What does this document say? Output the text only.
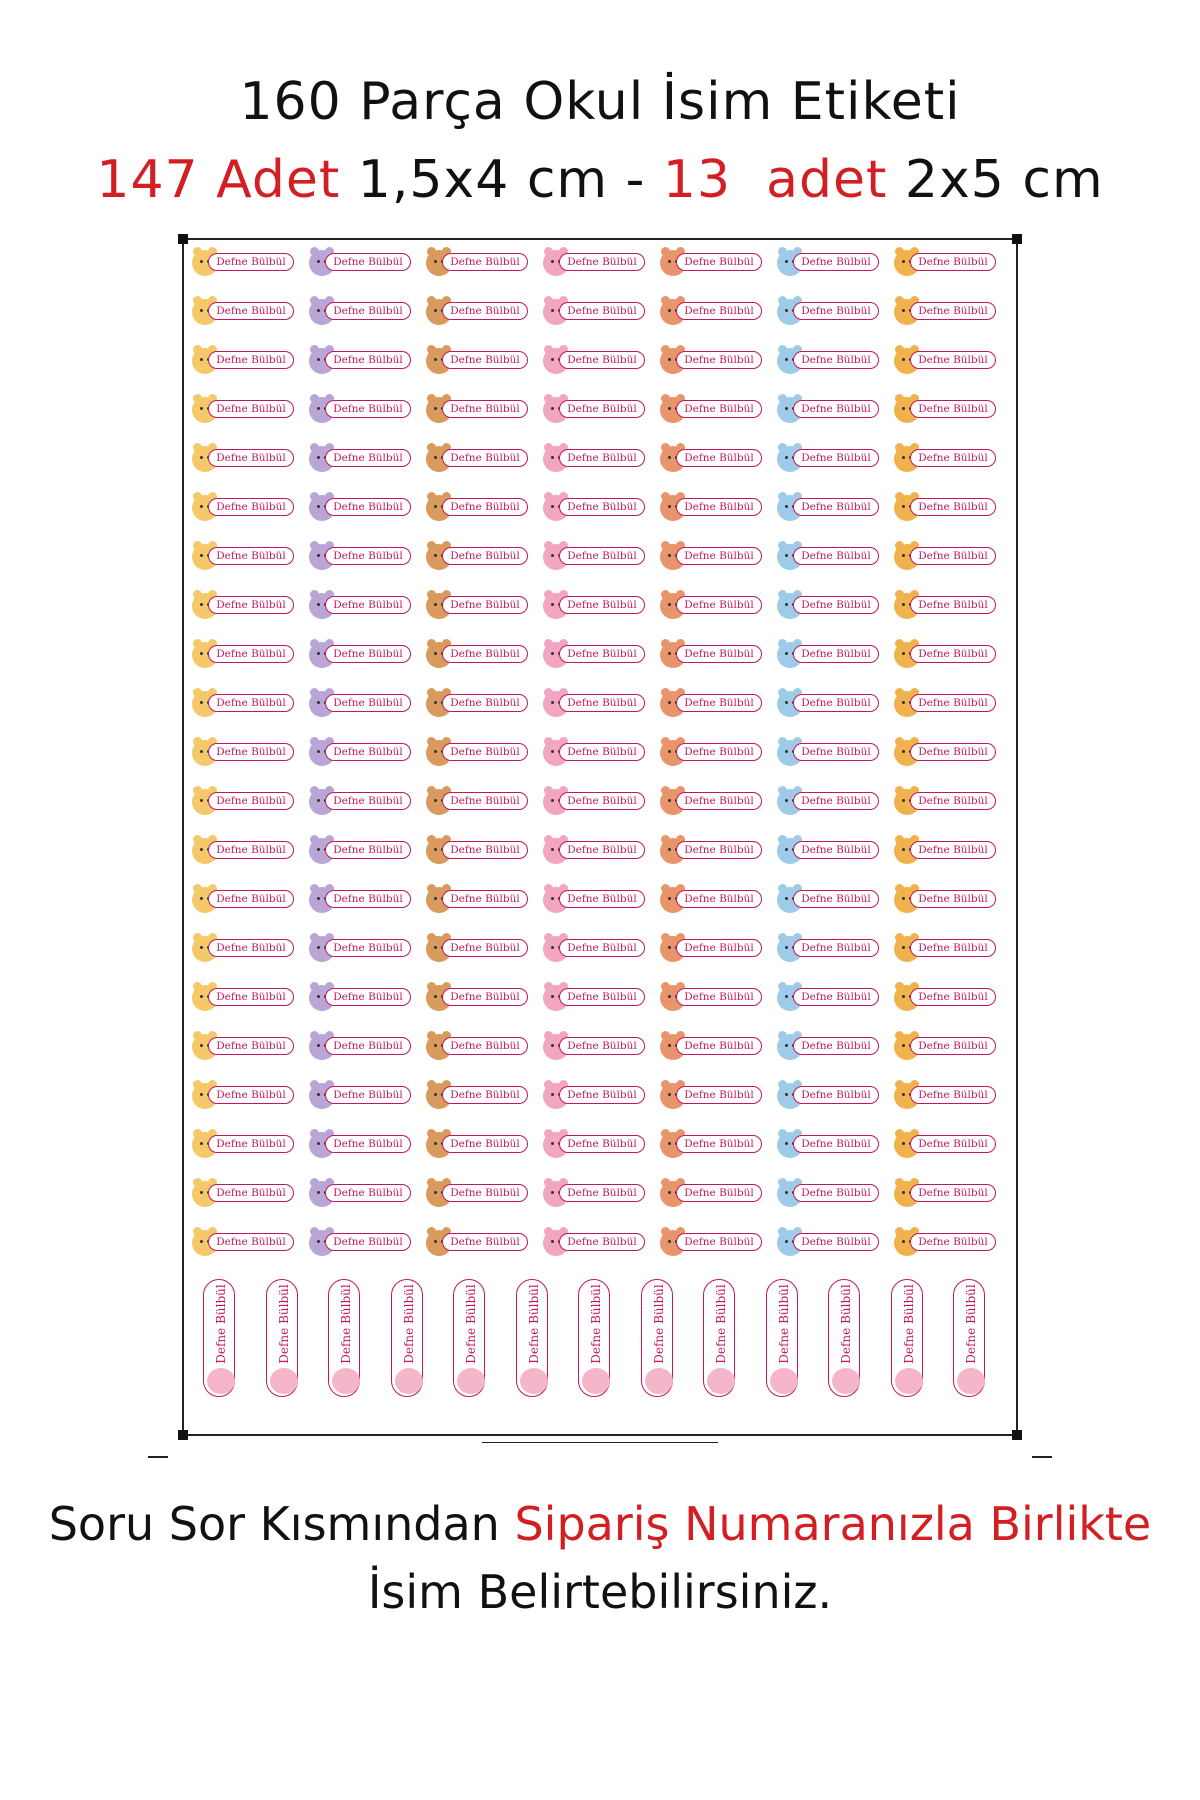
160 Parça Okul İsim Etiketi
147 Adet 1,5x4 cm - 13 adet 2x5 cm
Defne Bülbül	Defne Bülbül	Defne Bülbül	Defne Bülbül	Defne Bülbül	Defne Bülbül	Defne Bülbül
Defne Bülbül	Defne Bülbül	Defne Bülbül	Defne Bülbül	Defne Bülbül	Defne Bülbül	Defne Bülbül
Defne Bülbül	Defne Bülbül	Defne Bülbül	Defne Bülbül	Defne Bülbül	Defne Bülbül	Defne Bülbül
Defne Bülbül	Defne Bülbül	Defne Bülbül	Defne Bülbül	Defne Bülbül	Defne Bülbül	Defne Bülbül
Defne Bülbül	Defne Bülbül	Defne Bülbül	Defne Bülbül	Defne Bülbül	Defne Bülbül	Defne Bülbül
Defne Bülbül	Defne Bülbül	Defne Bülbül	Defne Bülbül	Defne Bülbül	Defne Bülbül	Defne Bülbül
Defne Bülbül	Defne Bülbül	Defne Bülbül	Defne Bülbül	Defne Bülbül	Defne Bülbül	Defne Bülbül
Defne Bülbül	Defne Bülbül	Defne Bülbül	Defne Bülbül	Defne Bülbül	Defne Bülbül	Defne Bülbül
Defne Bülbül	Defne Bülbül	Defne Bülbül	Defne Bülbül	Defne Bülbül	Defne Bülbül	Defne Bülbül
Defne Bülbül	Defne Bülbül	Defne Bülbül	Defne Bülbül	Defne Bülbül	Defne Bülbül	Defne Bülbül
Defne Bülbül	Defne Bülbül	Defne Bülbül	Defne Bülbül	Defne Bülbül	Defne Bülbül	Defne Bülbül
Defne Bülbül	Defne Bülbül	Defne Bülbül	Defne Bülbül	Defne Bülbül	Defne Bülbül	Defne Bülbül
Defne Bülbül	Defne Bülbül	Defne Bülbül	Defne Bülbül	Defne Bülbül	Defne Bülbül	Defne Bülbül
Defne Bülbül	Defne Bülbül	Defne Bülbül	Defne Bülbül	Defne Bülbül	Defne Bülbül	Defne Bülbül
Defne Bülbül	Defne Bülbül	Defne Bülbül	Defne Bülbül	Defne Bülbül	Defne Bülbül	Defne Bülbül
Defne Bülbül	Defne Bülbül	Defne Bülbül	Defne Bülbül	Defne Bülbül	Defne Bülbül	Defne Bülbül
Defne Bülbül	Defne Bülbül	Defne Bülbül	Defne Bülbül	Defne Bülbül	Defne Bülbül	Defne Bülbül
Defne Bülbül	Defne Bülbül	Defne Bülbül	Defne Bülbül	Defne Bülbül	Defne Bülbül	Defne Bülbül
Defne Bülbül	Defne Bülbül	Defne Bülbül	Defne Bülbül	Defne Bülbül	Defne Bülbül	Defne Bülbül
Defne Bülbül	Defne Bülbül	Defne Bülbül	Defne Bülbül	Defne Bülbül	Defne Bülbül	Defne Bülbül
Defne Bülbül	Defne Bülbül	Defne Bülbül	Defne Bülbül	Defne Bülbül	Defne Bülbül	Defne Bülbül
Defne Bülbül	Defne Bülbül	Defne Bülbül	Defne Bülbül	Defne Bülbül	Defne Bülbül	Defne Bülbül	Defne Bülbül	Defne Bülbül	Defne Bülbül	Defne Bülbül	Defne Bülbül	Defne Bülbül
Soru Sor Kısmından Sipariş Numaranızla Birlikte
İsim Belirtebilirsiniz.
